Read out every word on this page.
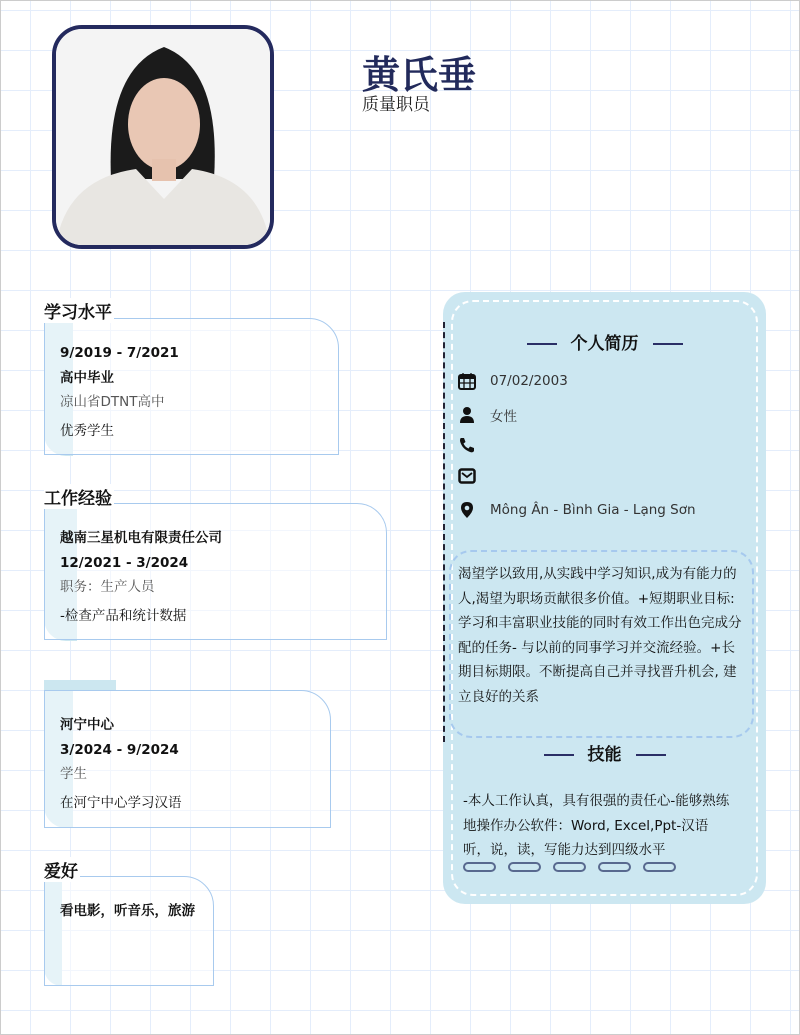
黄氏垂
质量职员
9/2019 - 7/2021
高中毕业
凉山省DTNT高中
优秀学生
学习水平
越南三星机电有限责任公司
12/2021 - 3/2024
职务：生产人员
-检查产品和统计数据
工作经验
河宁中心
3/2024 - 9/2024
学生
在河宁中心学习汉语
看电影，听音乐，旅游
爱好
个人简历
07/02/2003
女性
Mông Ân - Bình Gia - Lạng Sơn
渴望学以致用,从实践中学习知识,成为有能力的人,渴望为职场贡献很多价值。+短期职业目标:学习和丰富职业技能的同时有效工作出色完成分配的任务- 与以前的同事学习并交流经验。+长期目标期限。不断提高自己并寻找晋升机会, 建立良好的关系
技能
-本人工作认真，具有很强的责任心-能够熟练地操作办公软件：Word, Excel,Ppt-汉语听，说，读，写能力达到四级水平
